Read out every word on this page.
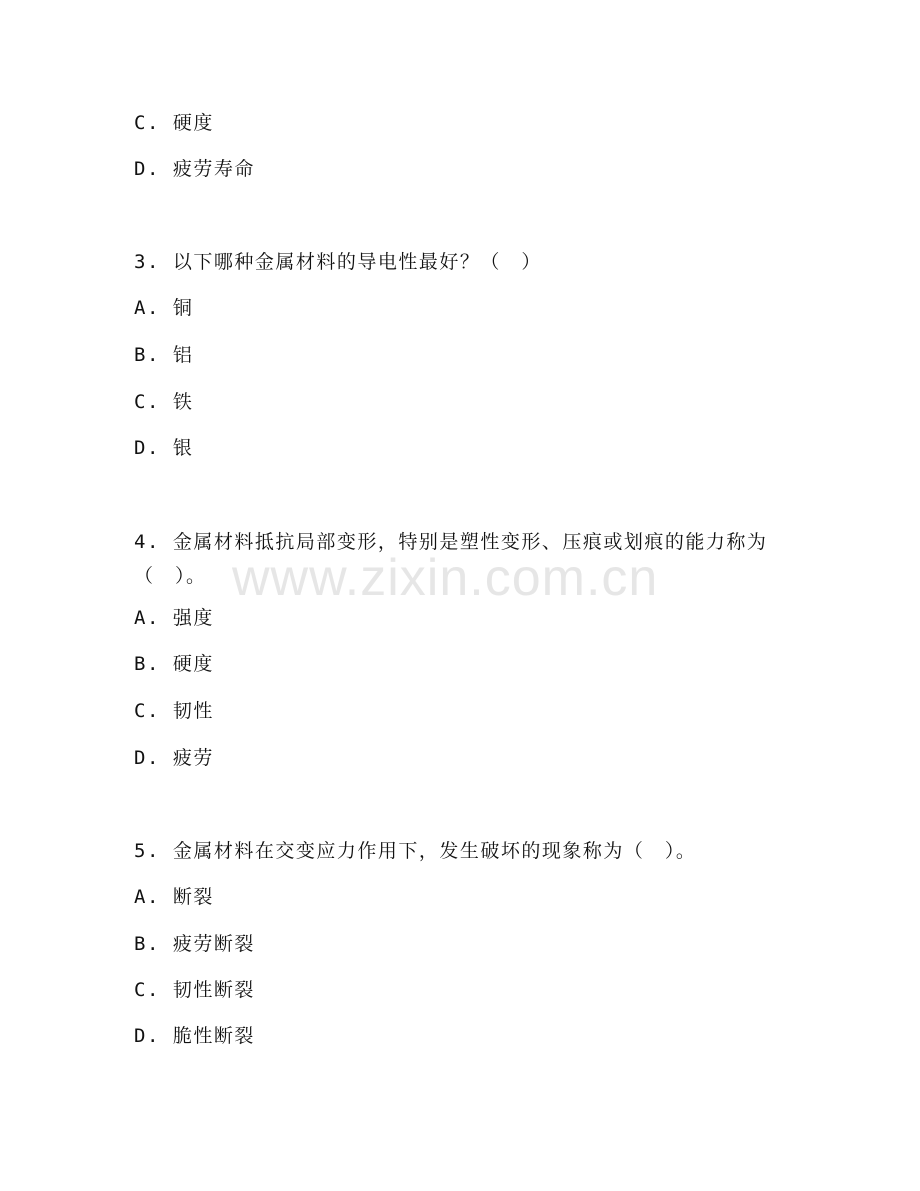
C. 硬度
D. 疲劳寿命
3. 以下哪种金属材料的导电性最好？（　）
A. 铜
B. 铝
C. 铁
D. 银
4. 金属材料抵抗局部变形，特别是塑性变形、压痕或划痕的能力称为（　）。
A. 强度
B. 硬度
C. 韧性
D. 疲劳
5. 金属材料在交变应力作用下，发生破坏的现象称为（　）。
A. 断裂
B. 疲劳断裂
C. 韧性断裂
D. 脆性断裂
www.zixin.com.cn
